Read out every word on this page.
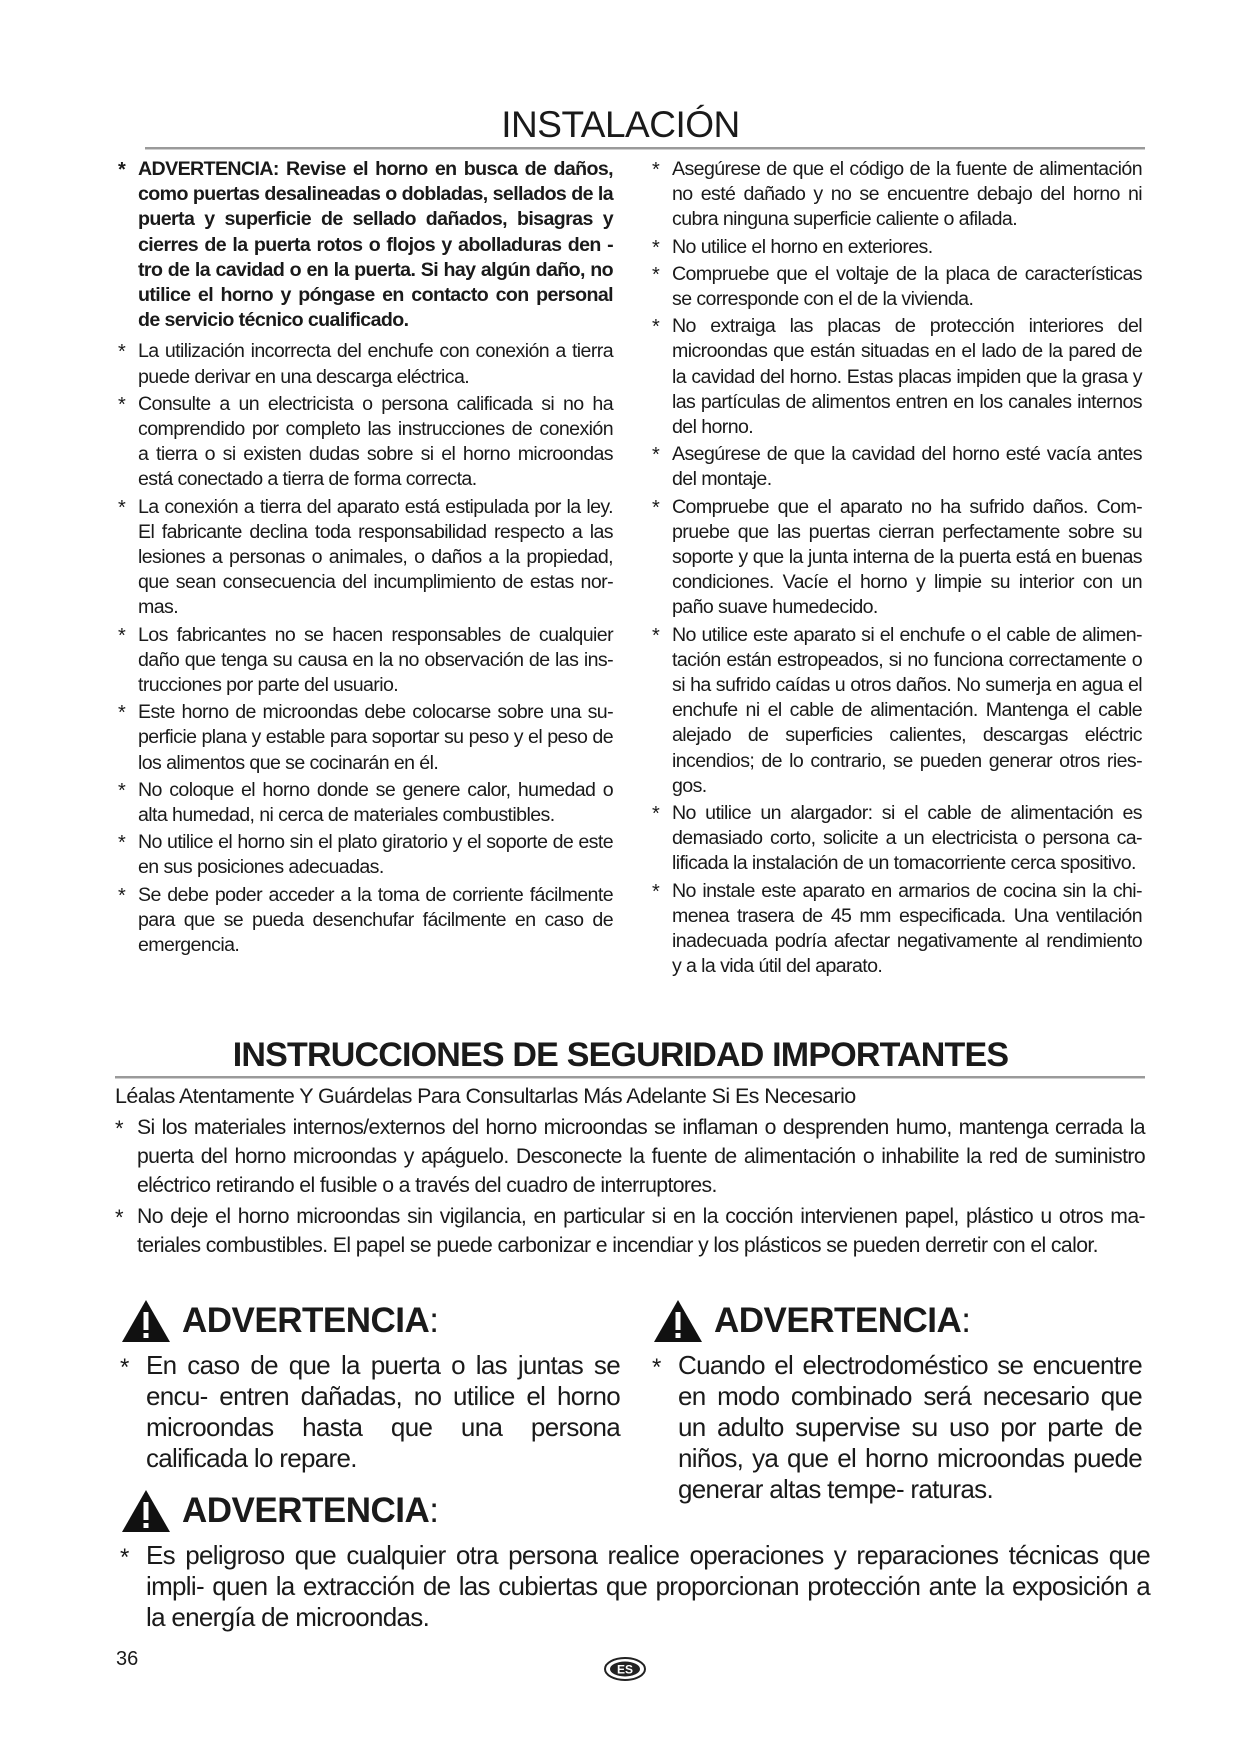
INSTALACIÓN
* ADVERTENCIA: Revise el horno en busca de daños, como puertas desalineadas o dobladas, sellados de la puerta y superficie de sellado dañados, bisagras y cierres de la puerta rotos o flojos y abolladuras den - tro de la cavidad o en la puerta. Si hay algún daño, no utilice el horno y póngase en contacto con personal de servicio técnico cualificado.
* La utilización incorrecta del enchufe con conexión a tierra puede derivar en una descarga eléctrica.
* Consulte a un electricista o persona calificada si no ha comprendido por completo las instrucciones de conexión a tierra o si existen dudas sobre si el horno microondas está conectado a tierra de forma correcta.
* La conexión a tierra del aparato está estipulada por la ley. El fabricante declina toda responsabilidad respecto a las lesiones a personas o animales, o daños a la propiedad, que sean consecuencia del incumplimiento de estas nor- mas.
* Los fabricantes no se hacen responsables de cualquier daño que tenga su causa en la no observación de las ins- trucciones por parte del usuario.
* Este horno de microondas debe colocarse sobre una su- perficie plana y estable para soportar su peso y el peso de los alimentos que se cocinarán en él.
* No coloque el horno donde se genere calor, humedad o alta humedad, ni cerca de materiales combustibles.
* No utilice el horno sin el plato giratorio y el soporte de este en sus posiciones adecuadas.
* Se debe poder acceder a la toma de corriente fácilmente para que se pueda desenchufar fácilmente en caso de emergencia.
* Asegúrese de que el código de la fuente de alimentación no esté dañado y no se encuentre debajo del horno ni cubra ninguna superficie caliente o afilada.
* No utilice el horno en exteriores.
* Compruebe que el voltaje de la placa de características se corresponde con el de la vivienda.
* No extraiga las placas de protección interiores del microondas que están situadas en el lado de la pared de la cavidad del horno. Estas placas impiden que la grasa y las partículas de alimentos entren en los canales internos del horno.
* Asegúrese de que la cavidad del horno esté vacía antes del montaje.
* Compruebe que el aparato no ha sufrido daños. Com- pruebe que las puertas cierran perfectamente sobre su soporte y que la junta interna de la puerta está en buenas condiciones. Vacíe el horno y limpie su interior con un paño suave humedecido.
* No utilice este aparato si el enchufe o el cable de alimen- tación están estropeados, si no funciona correctamente o si ha sufrido caídas u otros daños. No sumerja en agua el enchufe ni el cable de alimentación. Mantenga el cable alejado de superficies calientes, descargas eléctric incendios; de lo contrario, se pueden generar otros ries- gos.
* No utilice un alargador: si el cable de alimentación es demasiado corto, solicite a un electricista o persona ca- lificada la instalación de un tomacorriente cerca spositivo.
* No instale este aparato en armarios de cocina sin la chi- menea trasera de 45 mm especificada. Una ventilación inadecuada podría afectar negativamente al rendimiento y a la vida útil del aparato.
INSTRUCCIONES DE SEGURIDAD IMPORTANTES

Léalas Atentamente Y Guárdelas Para Consultarlas Más Adelante Si Es Necesario

* Si los materiales internos/externos del horno microondas se inflaman o desprenden humo, mantenga cerrada la puerta del horno microondas y apáguelo. Desconecte la fuente de alimentación o inhabilite la red de suministro eléctrico retirando el fusible o a través del cuadro de interruptores.
* No deje el horno microondas sin vigilancia, en particular si en la cocción intervienen papel, plástico u otros ma- teriales combustibles. El papel se puede carbonizar e incendiar y los plásticos se pueden derretir con el calor.
ADVERTENCIA:
* En caso de que la puerta o las juntas se encu- entren dañadas, no utilice el horno microondas hasta que una persona calificada lo repare.
ADVERTENCIA:
* Cuando el electrodoméstico se encuentre en modo combinado será necesario que un adulto supervise su uso por parte de niños, ya que el horno microondas puede generar altas tempe- raturas.
ADVERTENCIA:
* Es peligroso que cualquier otra persona realice operaciones y reparaciones técnicas que impli- quen la extracción de las cubiertas que proporcionan protección ante la exposición a la energía de microondas.
36	ES
